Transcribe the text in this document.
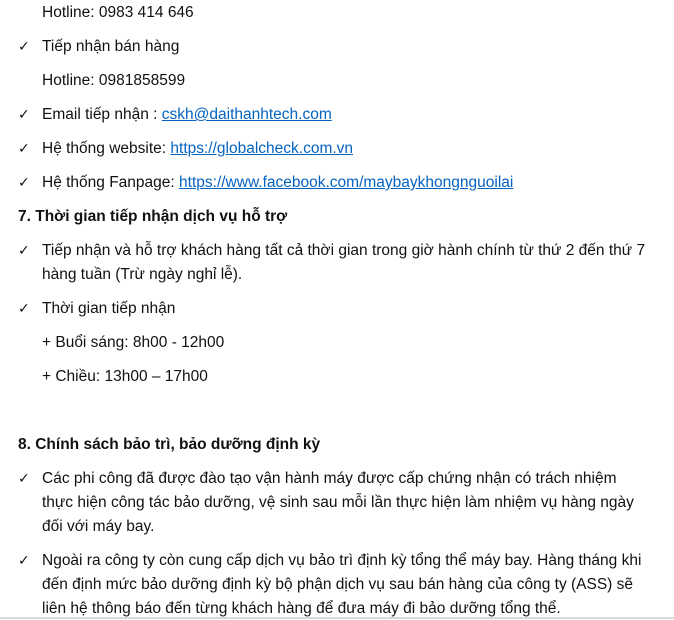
Hotline: 0983 414 646
✓ Tiếp nhận bán hàng
Hotline: 0981858599
✓ Email tiếp nhận : cskh@daithanhtech.com
✓ Hệ thống website: https://globalcheck.com.vn
✓ Hệ thống Fanpage: https://www.facebook.com/maybaykhongnguoilai
7. Thời gian tiếp nhận dịch vụ hỗ trợ
✓ Tiếp nhận và hỗ trợ khách hàng tất cả thời gian trong giờ hành chính từ thứ 2 đến thứ 7
hàng tuần (Trừ ngày nghỉ lễ).
✓ Thời gian tiếp nhận
+ Buổi sáng: 8h00 - 12h00
+ Chiều: 13h00 – 17h00
8. Chính sách bảo trì, bảo dưỡng định kỳ
✓ Các phi công đã được đào tạo vận hành máy được cấp chứng nhận có trách nhiệm
thực hiện công tác bảo dưỡng, vệ sinh sau mỗi lần thực hiện làm nhiệm vụ hàng ngày
đối với máy bay.
✓ Ngoài ra công ty còn cung cấp dịch vụ bảo trì định kỳ tổng thể máy bay. Hàng tháng khi
đến định mức bảo dưỡng định kỳ bộ phận dịch vụ sau bán hàng của công ty (ASS) sẽ
liên hệ thông báo đến từng khách hàng để đưa máy đi bảo dưỡng tổng thể.
